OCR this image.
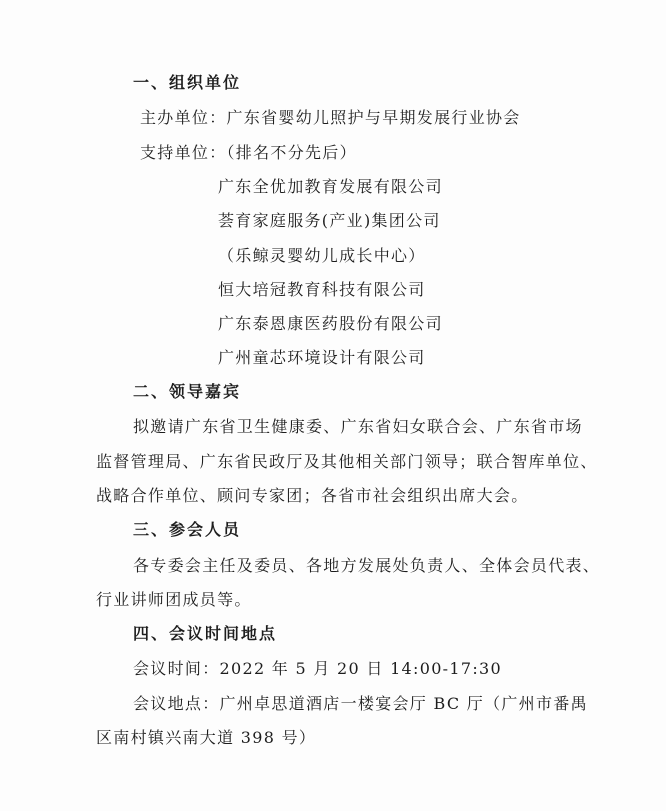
一、组织单位
主办单位：广东省婴幼儿照护与早期发展行业协会
支持单位：（排名不分先后）
广东全优加教育发展有限公司
荟育家庭服务(产业)集团公司
（乐鲸灵婴幼儿成长中心）
恒大培冠教育科技有限公司
广东泰恩康医药股份有限公司
广州童芯环境设计有限公司
二、领导嘉宾
拟邀请广东省卫生健康委、广东省妇女联合会、广东省市场
监督管理局、广东省民政厅及其他相关部门领导；联合智库单位、
战略合作单位、顾问专家团；各省市社会组织出席大会。
三、参会人员
各专委会主任及委员、各地方发展处负责人、全体会员代表、
行业讲师团成员等。
四、会议时间地点
会议时间：2022 年 5 月 20 日 14:00-17:30
会议地点：广州卓思道酒店一楼宴会厅 BC 厅（广州市番禺
区南村镇兴南大道 398 号）
